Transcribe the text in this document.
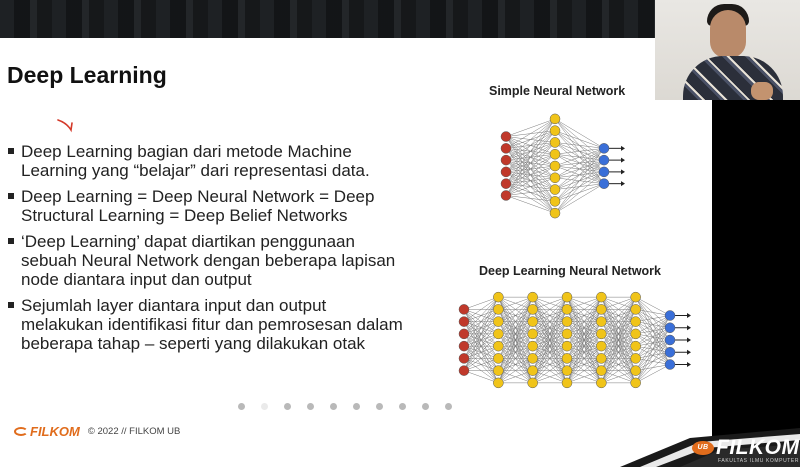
Deep Learning
Deep Learning bagian dari metode Machine
Learning yang “belajar” dari representasi data.
Deep Learning = Deep Neural Network = Deep
Structural Learning = Deep Belief Networks
‘Deep Learning’ dapat diartikan penggunaan
sebuah Neural Network dengan beberapa lapisan
node diantara input dan output
Sejumlah layer diantara input dan output
melakukan identifikasi fitur dan pemrosesan dalam
beberapa tahap – seperti yang dilakukan otak
Simple Neural Network
Deep Learning Neural Network
FILKOM © 2022 // FILKOM UB
UB FILKOM
FAKULTAS ILMU KOMPUTER
